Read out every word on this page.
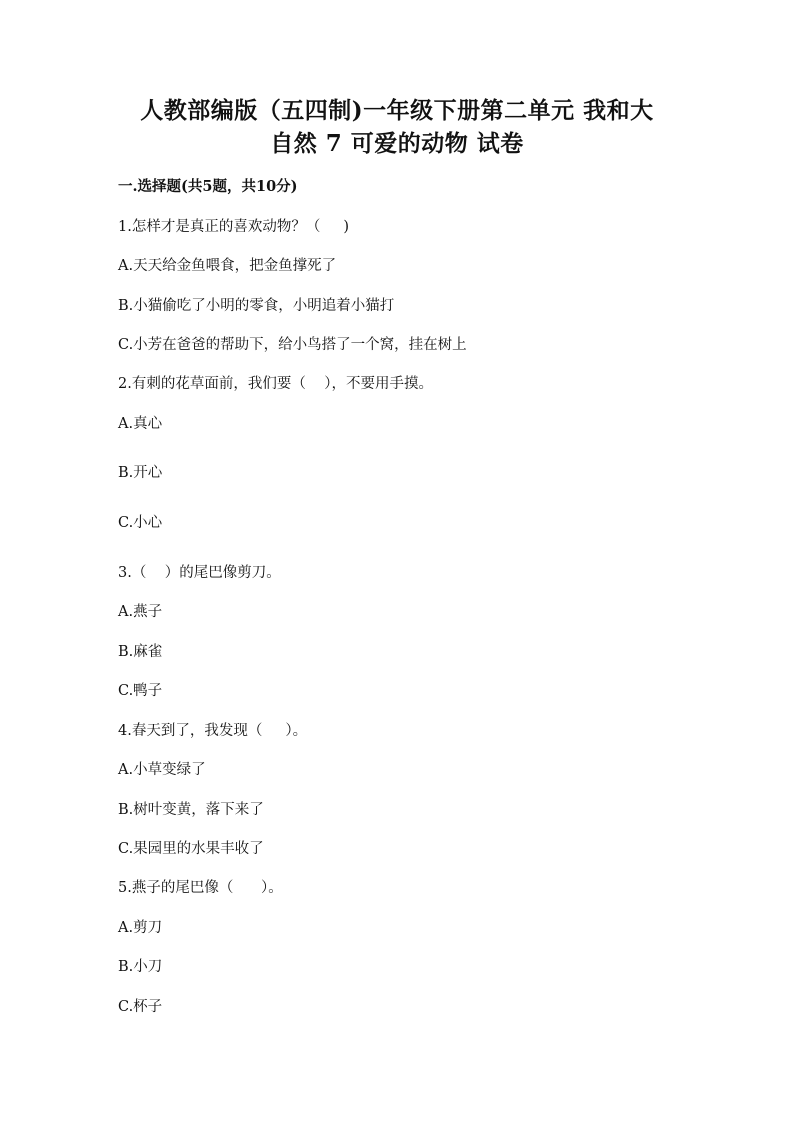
人教部编版（五四制)一年级下册第二单元 我和大
自然 7 可爱的动物 试卷
一.选择题(共5题，共10分)
1.怎样才是真正的喜欢动物？（     )
A.天天给金鱼喂食，把金鱼撑死了
B.小猫偷吃了小明的零食，小明追着小猫打
C.小芳在爸爸的帮助下，给小鸟搭了一个窝，挂在树上
2.有刺的花草面前，我们要（    ），不要用手摸。
A.真心
B.开心
C.小心
3.（    ）的尾巴像剪刀。
A.燕子
B.麻雀
C.鸭子
4.春天到了，我发现（     ）。
A.小草变绿了
B.树叶变黄，落下来了
C.果园里的水果丰收了
5.燕子的尾巴像（      ）。
A.剪刀
B.小刀
C.杯子
